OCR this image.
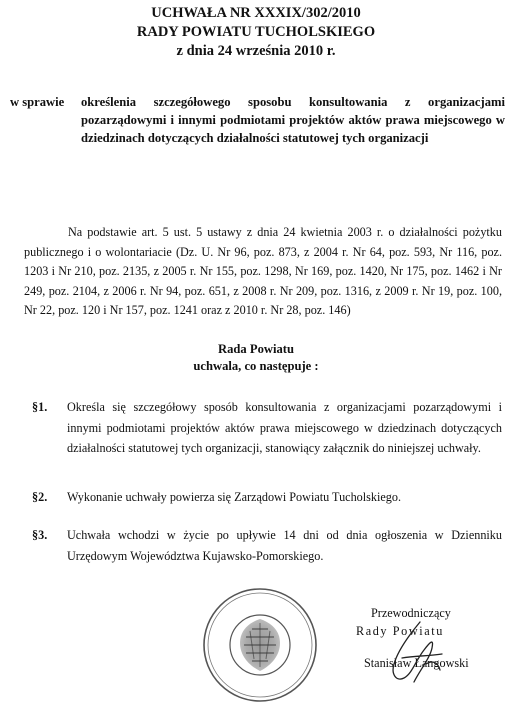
UCHWAŁA NR XXXIX/302/2010
RADY POWIATU TUCHOLSKIEGO
z dnia 24 września 2010 r.
w sprawie określenia szczegółowego sposobu konsultowania z organizacjami pozarządowymi i innymi podmiotami projektów aktów prawa miejscowego w dziedzinach dotyczących działalności statutowej tych organizacji
Na podstawie art. 5 ust. 5 ustawy z dnia 24 kwietnia 2003 r. o działalności pożytku publicznego i o wolontariacie (Dz. U. Nr 96, poz. 873, z 2004 r. Nr 64, poz. 593, Nr 116, poz. 1203 i Nr 210, poz. 2135, z 2005 r. Nr 155, poz. 1298, Nr 169, poz. 1420, Nr 175, poz. 1462 i Nr 249, poz. 2104, z 2006 r. Nr 94, poz. 651, z 2008 r. Nr 209, poz. 1316, z 2009 r. Nr 19, poz. 100, Nr 22, poz. 120 i Nr 157, poz. 1241 oraz z 2010 r. Nr 28, poz. 146)
Rada Powiatu
uchwala, co następuje :
§1.	Określa się szczegółowy sposób konsultowania z organizacjami pozarządowymi i innymi podmiotami projektów aktów prawa miejscowego w dziedzinach dotyczących działalności statutowej tych organizacji, stanowiący załącznik do niniejszej uchwały.
§2.	Wykonanie uchwały powierza się Zarządowi Powiatu Tucholskiego.
§3.	Uchwała wchodzi w życie po upływie 14 dni od dnia ogłoszenia w Dzienniku Urzędowym Województwa Kujawsko-Pomorskiego.
Przewodniczący
Rady Powiatu
Stanisław Łangowski
